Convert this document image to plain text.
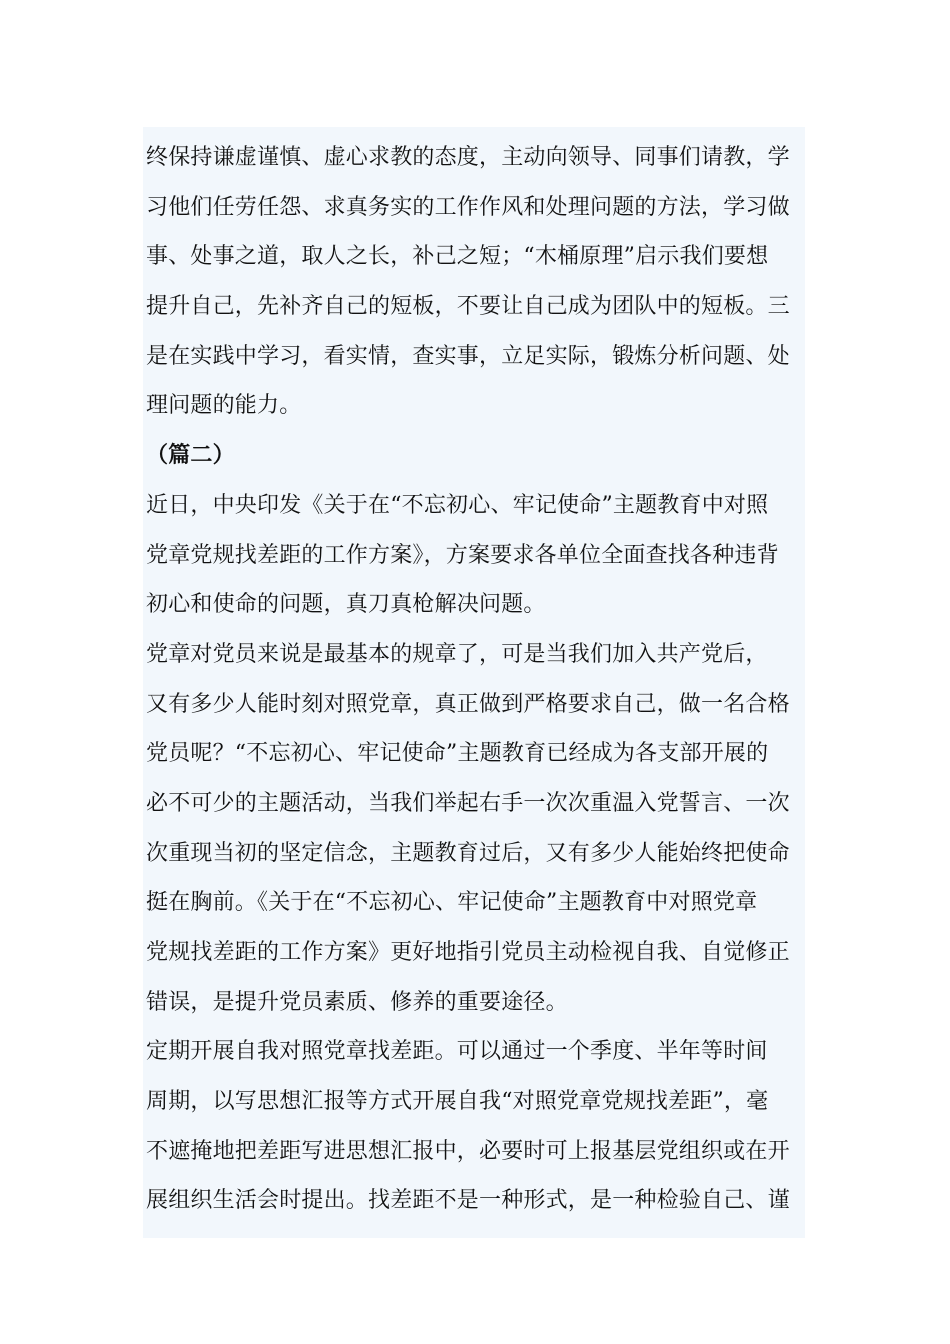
终保持谦虚谨慎、虚心求教的态度，主动向领导、同事们请教，学
习他们任劳任怨、求真务实的工作作风和处理问题的方法，学习做
事、处事之道，取人之长，补己之短；“木桶原理”启示我们要想
提升自己，先补齐自己的短板，不要让自己成为团队中的短板。三
是在实践中学习，看实情，查实事，立足实际，锻炼分析问题、处
理问题的能力。
（篇二）
近日，中央印发《关于在“不忘初心、牢记使命”主题教育中对照
党章党规找差距的工作方案》，方案要求各单位全面查找各种违背
初心和使命的问题，真刀真枪解决问题。
党章对党员来说是最基本的规章了，可是当我们加入共产党后，
又有多少人能时刻对照党章，真正做到严格要求自己，做一名合格
党员呢？“不忘初心、牢记使命”主题教育已经成为各支部开展的
必不可少的主题活动，当我们举起右手一次次重温入党誓言、一次
次重现当初的坚定信念，主题教育过后，又有多少人能始终把使命
挺在胸前。《关于在“不忘初心、牢记使命”主题教育中对照党章
党规找差距的工作方案》更好地指引党员主动检视自我、自觉修正
错误，是提升党员素质、修养的重要途径。
定期开展自我对照党章找差距。可以通过一个季度、半年等时间
周期，以写思想汇报等方式开展自我“对照党章党规找差距”，毫
不遮掩地把差距写进思想汇报中，必要时可上报基层党组织或在开
展组织生活会时提出。找差距不是一种形式，是一种检验自己、谨
